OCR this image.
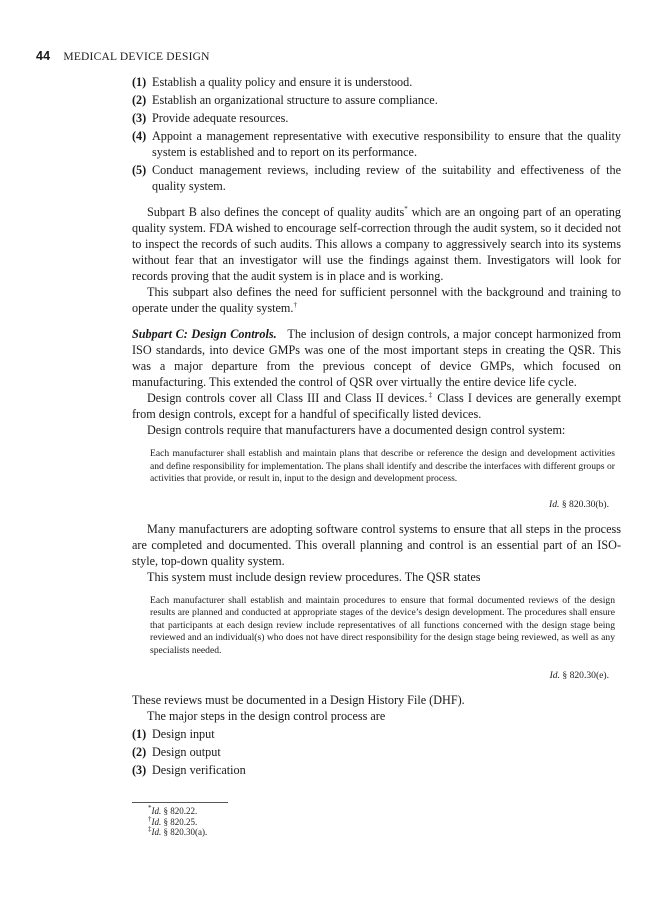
44 MEDICAL DEVICE DESIGN
(1) Establish a quality policy and ensure it is understood.
(2) Establish an organizational structure to assure compliance.
(3) Provide adequate resources.
(4) Appoint a management representative with executive responsibility to ensure that the quality system is established and to report on its performance.
(5) Conduct management reviews, including review of the suitability and effectiveness of the quality system.

Subpart B also defines the concept of quality audits* which are an ongoing part of an operating quality system. FDA wished to encourage self-correction through the audit system, so it decided not to inspect the records of such audits. This allows a company to aggressively search into its systems without fear that an investigator will use the findings against them. Investigators will look for records proving that the audit system is in place and is working.

This subpart also defines the need for sufficient personnel with the background and training to operate under the quality system.†

Subpart C: Design Controls. The inclusion of design controls, a major concept harmonized from ISO standards, into device GMPs was one of the most important steps in creating the QSR. This was a major departure from the previous concept of device GMPs, which focused on manufacturing. This extended the control of QSR over virtually the entire device life cycle.

Design controls cover all Class III and Class II devices.‡ Class I devices are generally exempt from design controls, except for a handful of specifically listed devices.

Design controls require that manufacturers have a documented design control system:

Each manufacturer shall establish and maintain plans that describe or reference the design and development activities and define responsibility for implementation. The plans shall identify and describe the interfaces with different groups or activities that provide, or result in, input to the design and development process.

Id. § 820.30(b).

Many manufacturers are adopting software control systems to ensure that all steps in the process are completed and documented. This overall planning and control is an essential part of an ISO-style, top-down quality system.

This system must include design review procedures. The QSR states

Each manufacturer shall establish and maintain procedures to ensure that formal documented reviews of the design results are planned and conducted at appropriate stages of the device’s design development. The procedures shall ensure that participants at each design review include representatives of all functions concerned with the design stage being reviewed and an individual(s) who does not have direct responsibility for the design stage being reviewed, as well as any specialists needed.

Id. § 820.30(e).

These reviews must be documented in a Design History File (DHF).

The major steps in the design control process are

(1) Design input
(2) Design output
(3) Design verification
*Id. § 820.22.
†Id. § 820.25.
‡Id. § 820.30(a).
